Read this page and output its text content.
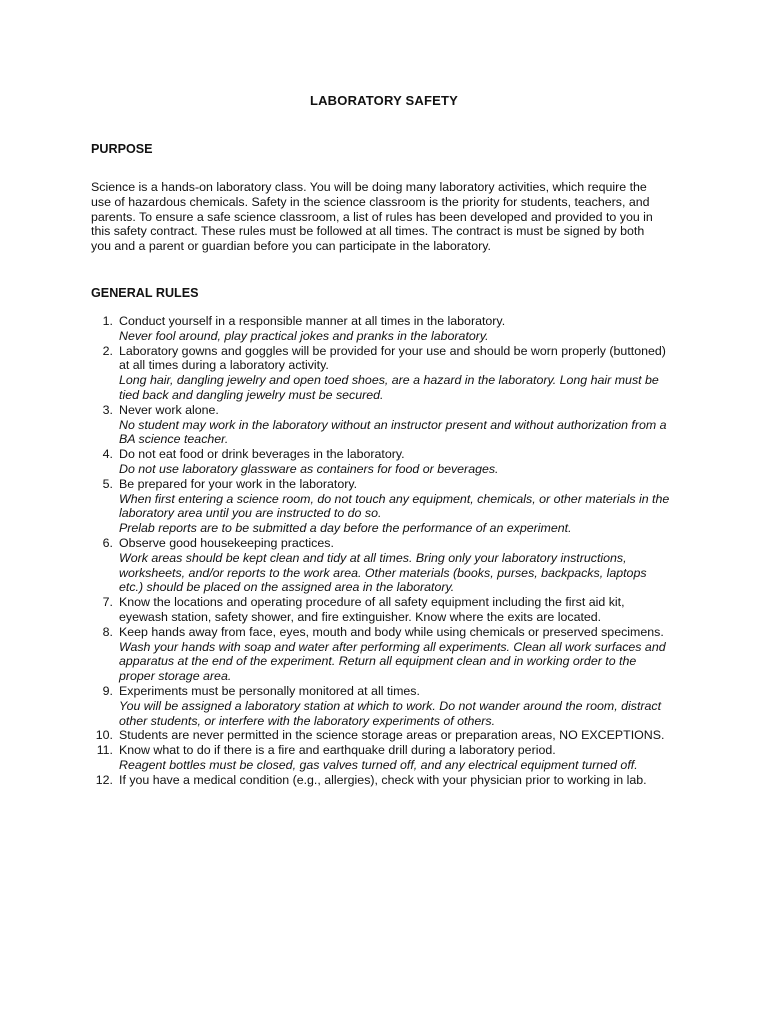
LABORATORY SAFETY
PURPOSE
Science is a hands-on laboratory class. You will be doing many laboratory activities, which require the
use of hazardous chemicals. Safety in the science classroom is the priority for students, teachers, and
parents. To ensure a safe science classroom, a list of rules has been developed and provided to you in
this safety contract. These rules must be followed at all times. The contract is must be signed by both
you and a parent or guardian before you can participate in the laboratory.
GENERAL RULES
1. Conduct yourself in a responsible manner at all times in the laboratory.
Never fool around, play practical jokes and pranks in the laboratory.
2. Laboratory gowns and goggles will be provided for your use and should be worn properly (buttoned)
at all times during a laboratory activity.
Long hair, dangling jewelry and open toed shoes, are a hazard in the laboratory. Long hair must be
tied back and dangling jewelry must be secured.
3. Never work alone.
No student may work in the laboratory without an instructor present and without authorization from a
BA science teacher.
4. Do not eat food or drink beverages in the laboratory.
Do not use laboratory glassware as containers for food or beverages.
5. Be prepared for your work in the laboratory.
When first entering a science room, do not touch any equipment, chemicals, or other materials in the
laboratory area until you are instructed to do so.
Prelab reports are to be submitted a day before the performance of an experiment.
6. Observe good housekeeping practices.
Work areas should be kept clean and tidy at all times. Bring only your laboratory instructions,
worksheets, and/or reports to the work area. Other materials (books, purses, backpacks, laptops
etc.) should be placed on the assigned area in the laboratory.
7. Know the locations and operating procedure of all safety equipment including the first aid kit,
eyewash station, safety shower, and fire extinguisher. Know where the exits are located.
8. Keep hands away from face, eyes, mouth and body while using chemicals or preserved specimens.
Wash your hands with soap and water after performing all experiments. Clean all work surfaces and
apparatus at the end of the experiment. Return all equipment clean and in working order to the
proper storage area.
9. Experiments must be personally monitored at all times.
You will be assigned a laboratory station at which to work. Do not wander around the room, distract
other students, or interfere with the laboratory experiments of others.
10. Students are never permitted in the science storage areas or preparation areas, NO EXCEPTIONS.
11. Know what to do if there is a fire and earthquake drill during a laboratory period.
Reagent bottles must be closed, gas valves turned off, and any electrical equipment turned off.
12. If you have a medical condition (e.g., allergies), check with your physician prior to working in lab.
